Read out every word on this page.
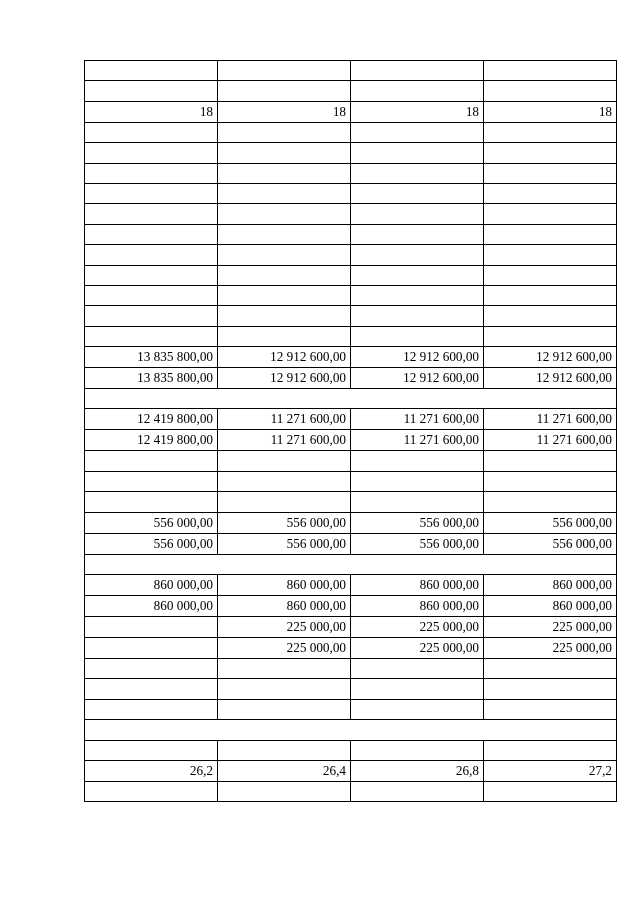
18	18	18	18

13 835 800,00	12 912 600,00	12 912 600,00	12 912 600,00
13 835 800,00	12 912 600,00	12 912 600,00	12 912 600,00

12 419 800,00	11 271 600,00	11 271 600,00	11 271 600,00
12 419 800,00	11 271 600,00	11 271 600,00	11 271 600,00

556 000,00	556 000,00	556 000,00	556 000,00
556 000,00	556 000,00	556 000,00	556 000,00

860 000,00	860 000,00	860 000,00	860 000,00
860 000,00	860 000,00	860 000,00	860 000,00
	225 000,00	225 000,00	225 000,00
	225 000,00	225 000,00	225 000,00

26,2	26,4	26,8	27,2
